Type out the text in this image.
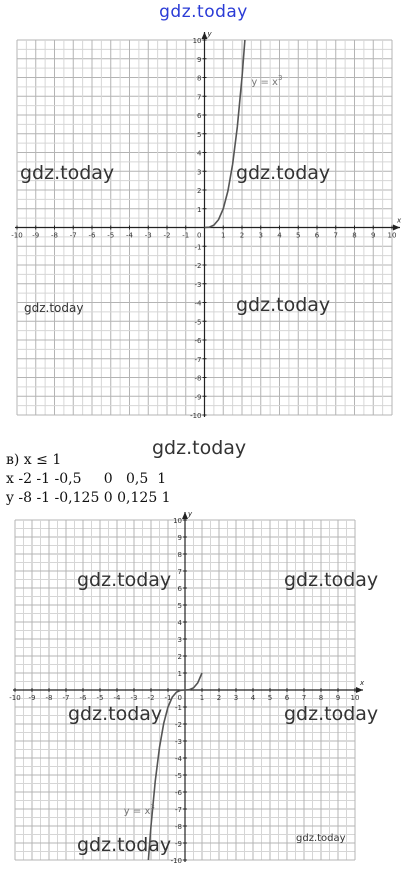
gdz.today
x
y
-10 -9 -8 -7 -6 -5 -4 -3 -2 -1	1 2 3 4 5 6 7 8 9 10
-10
-9
-8
-7
-6
-5
-4
-3
-2
-1
1
2
3
4
5
6
7
8
9
10
0
$y = x^3$
x
y
-10 -9 -8 -7 -6 -5 -4 -3 -2 -1	1 2 3 4 5 6 7 8 9 10
-10
-9
-8
-7
-6
-5
-4
-3
-2
-1
1
2
3
4
5
6
7
8
9
10
0
$y = x^3$
gdz.today	gdz.today
gdz.today	gdz.today
gdz.today
в) x ≤ 1
x -2 -1 -0,5     0   0,5  1
y -8 -1 -0,125 0 0,125 1
gdz.today	gdz.today
gdz.today	gdz.today
gdz.today	gdz.today
